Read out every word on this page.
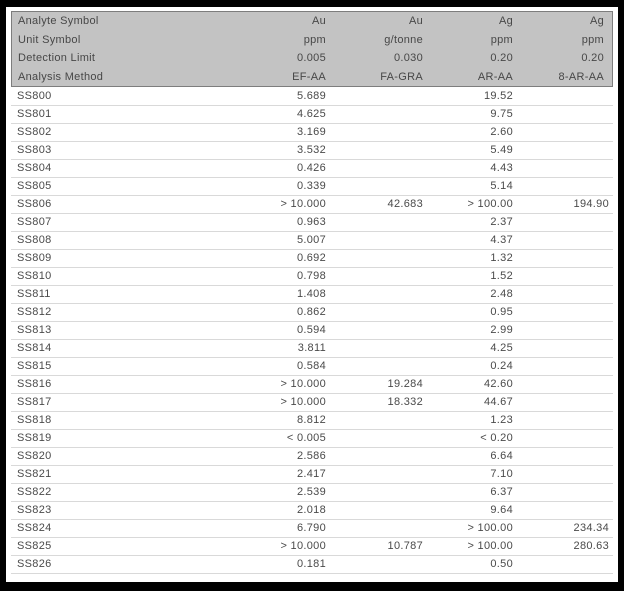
Analyte Symbol	Au	Au	Ag	Ag
Unit Symbol	ppm	g/tonne	ppm	ppm
Detection Limit	0.005	0.030	0.20	0.20
Analysis Method	EF-AA	FA-GRA	AR-AA	8-AR-AA
SS800	5.689		19.52	
SS801	4.625		9.75	
SS802	3.169		2.60	
SS803	3.532		5.49	
SS804	0.426		4.43	
SS805	0.339		5.14	
SS806	> 10.000	42.683	> 100.00	194.90
SS807	0.963		2.37	
SS808	5.007		4.37	
SS809	0.692		1.32	
SS810	0.798		1.52	
SS811	1.408		2.48	
SS812	0.862		0.95	
SS813	0.594		2.99	
SS814	3.811		4.25	
SS815	0.584		0.24	
SS816	> 10.000	19.284	42.60	
SS817	> 10.000	18.332	44.67	
SS818	8.812		1.23	
SS819	< 0.005		< 0.20	
SS820	2.586		6.64	
SS821	2.417		7.10	
SS822	2.539		6.37	
SS823	2.018		9.64	
SS824	6.790		> 100.00	234.34
SS825	> 10.000	10.787	> 100.00	280.63
SS826	0.181		0.50	
